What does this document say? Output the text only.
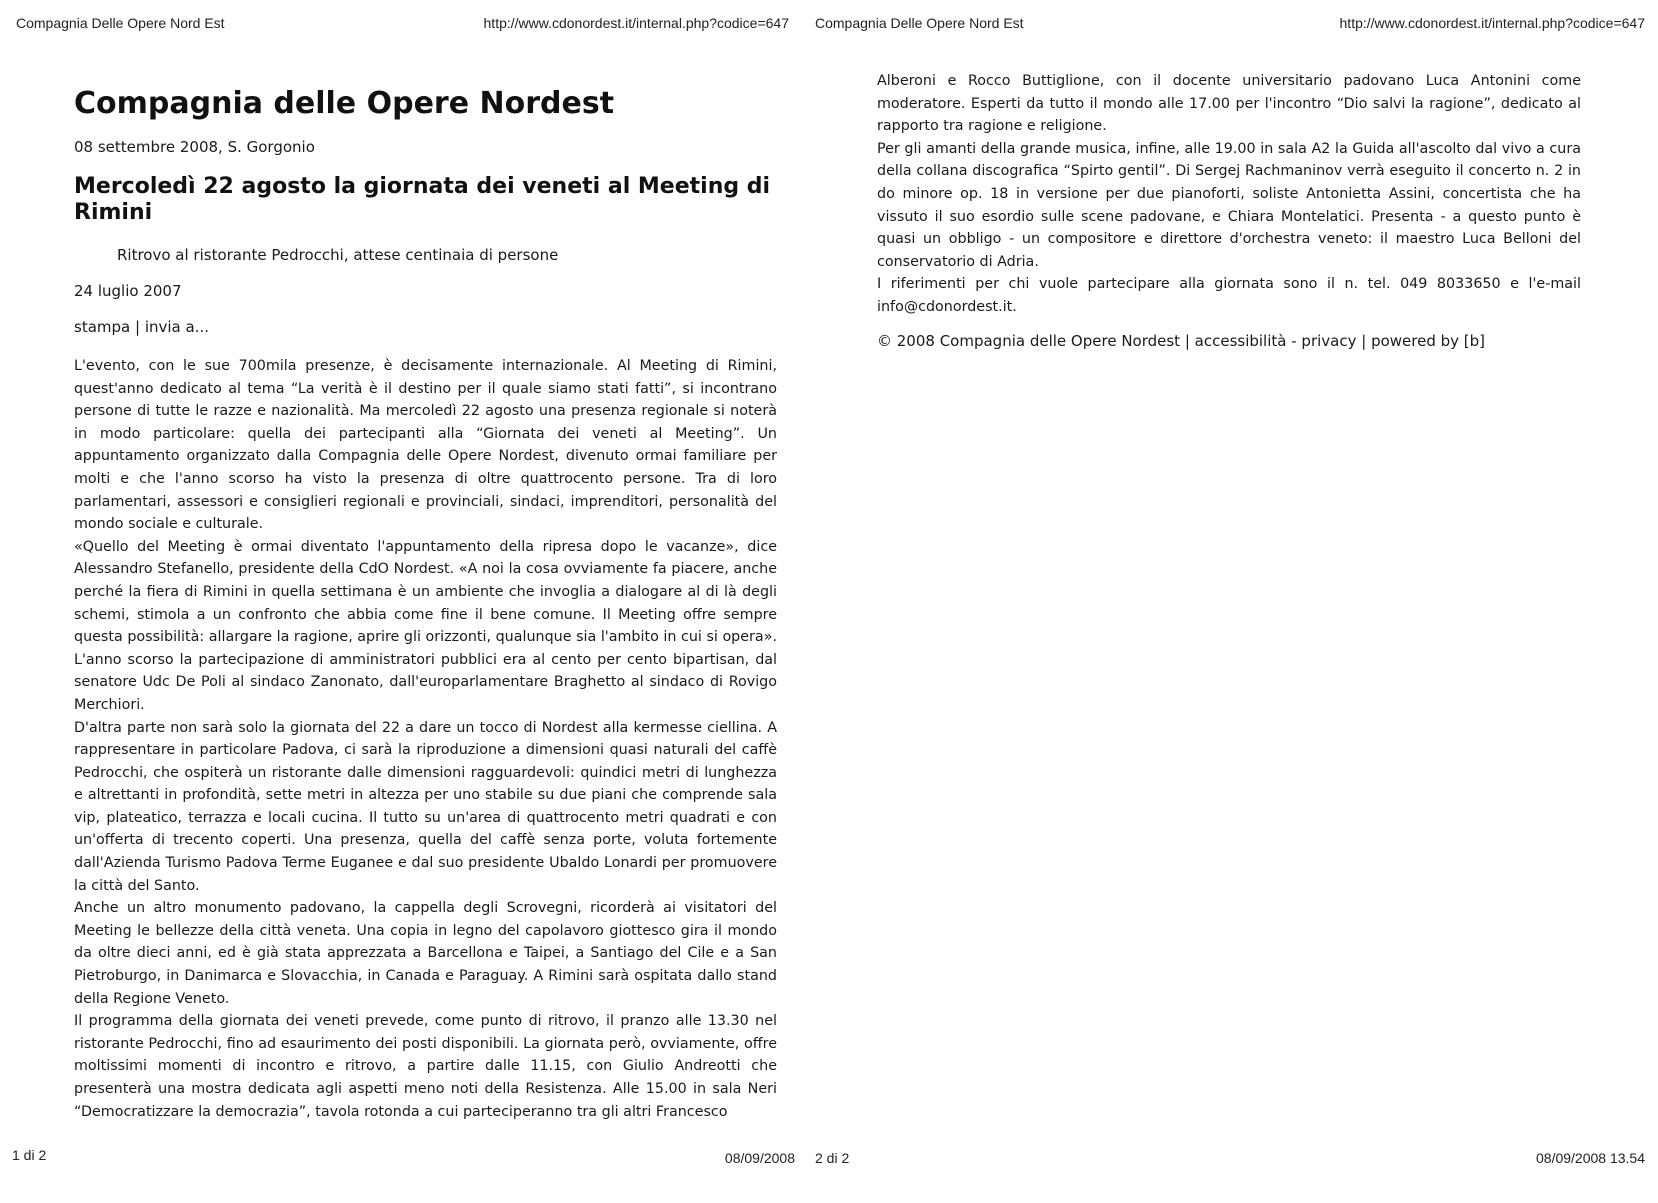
Compagnia Delle Opere Nord Est	http://www.cdonordest.it/internal.php?codice=647
Compagnia delle Opere Nordest

08 settembre 2008, S. Gorgonio

Mercoledì 22 agosto la giornata dei veneti al Meeting di Rimini

Ritrovo al ristorante Pedrocchi, attese centinaia di persone

24 luglio 2007

stampa | invia a...

L'evento, con le sue 700mila presenze, è decisamente internazionale. Al Meeting di Rimini, quest'anno dedicato al tema “La verità è il destino per il quale siamo stati fatti”, si incontrano persone di tutte le razze e nazionalità. Ma mercoledì 22 agosto una presenza regionale si noterà in modo particolare: quella dei partecipanti alla “Giornata dei veneti al Meeting”. Un appuntamento organizzato dalla Compagnia delle Opere Nordest, divenuto ormai familiare per molti e che l'anno scorso ha visto la presenza di oltre quattrocento persone. Tra di loro parlamentari, assessori e consiglieri regionali e provinciali, sindaci, imprenditori, personalità del mondo sociale e culturale.

«Quello del Meeting è ormai diventato l'appuntamento della ripresa dopo le vacanze», dice Alessandro Stefanello, presidente della CdO Nordest. «A noi la cosa ovviamente fa piacere, anche perché la fiera di Rimini in quella settimana è un ambiente che invoglia a dialogare al di là degli schemi, stimola a un confronto che abbia come fine il bene comune. Il Meeting offre sempre questa possibilità: allargare la ragione, aprire gli orizzonti, qualunque sia l'ambito in cui si opera». L'anno scorso la partecipazione di amministratori pubblici era al cento per cento bipartisan, dal senatore Udc De Poli al sindaco Zanonato, dall'europarlamentare Braghetto al sindaco di Rovigo Merchiori.

D'altra parte non sarà solo la giornata del 22 a dare un tocco di Nordest alla kermesse ciellina. A rappresentare in particolare Padova, ci sarà la riproduzione a dimensioni quasi naturali del caffè Pedrocchi, che ospiterà un ristorante dalle dimensioni ragguardevoli: quindici metri di lunghezza e altrettanti in profondità, sette metri in altezza per uno stabile su due piani che comprende sala vip, plateatico, terrazza e locali cucina. Il tutto su un'area di quattrocento metri quadrati e con un'offerta di trecento coperti. Una presenza, quella del caffè senza porte, voluta fortemente dall'Azienda Turismo Padova Terme Euganee e dal suo presidente Ubaldo Lonardi per promuovere la città del Santo.

Anche un altro monumento padovano, la cappella degli Scrovegni, ricorderà ai visitatori del Meeting le bellezze della città veneta. Una copia in legno del capolavoro giottesco gira il mondo da oltre dieci anni, ed è già stata apprezzata a Barcellona e Taipei, a Santiago del Cile e a San Pietroburgo, in Danimarca e Slovacchia, in Canada e Paraguay. A Rimini sarà ospitata dallo stand della Regione Veneto.

Il programma della giornata dei veneti prevede, come punto di ritrovo, il pranzo alle 13.30 nel ristorante Pedrocchi, fino ad esaurimento dei posti disponibili. La giornata però, ovviamente, offre moltissimi momenti di incontro e ritrovo, a partire dalle 11.15, con Giulio Andreotti che presenterà una mostra dedicata agli aspetti meno noti della Resistenza. Alle 15.00 in sala Neri “Democratizzare la democrazia”, tavola rotonda a cui parteciperanno tra gli altri Francesco

1 di 2	08/09/2008
Compagnia Delle Opere Nord Est	http://www.cdonordest.it/internal.php?codice=647
2 di 2	08/09/2008 13.54

Alberoni e Rocco Buttiglione, con il docente universitario padovano Luca Antonini come moderatore. Esperti da tutto il mondo alle 17.00 per l'incontro “Dio salvi la ragione”, dedicato al rapporto tra ragione e religione.

Per gli amanti della grande musica, infine, alle 19.00 in sala A2 la Guida all'ascolto dal vivo a cura della collana discografica “Spirto gentil”. Di Sergej Rachmaninov verrà eseguito il concerto n. 2 in do minore op. 18 in versione per due pianoforti, soliste Antonietta Assini, concertista che ha vissuto il suo esordio sulle scene padovane, e Chiara Montelatici. Presenta - a questo punto è quasi un obbligo - un compositore e direttore d'orchestra veneto: il maestro Luca Belloni del conservatorio di Adria.

I riferimenti per chi vuole partecipare alla giornata sono il n. tel. 049 8033650 e l'e-mail info@cdonordest.it.

© 2008 Compagnia delle Opere Nordest | accessibilità - privacy | powered by [b]
